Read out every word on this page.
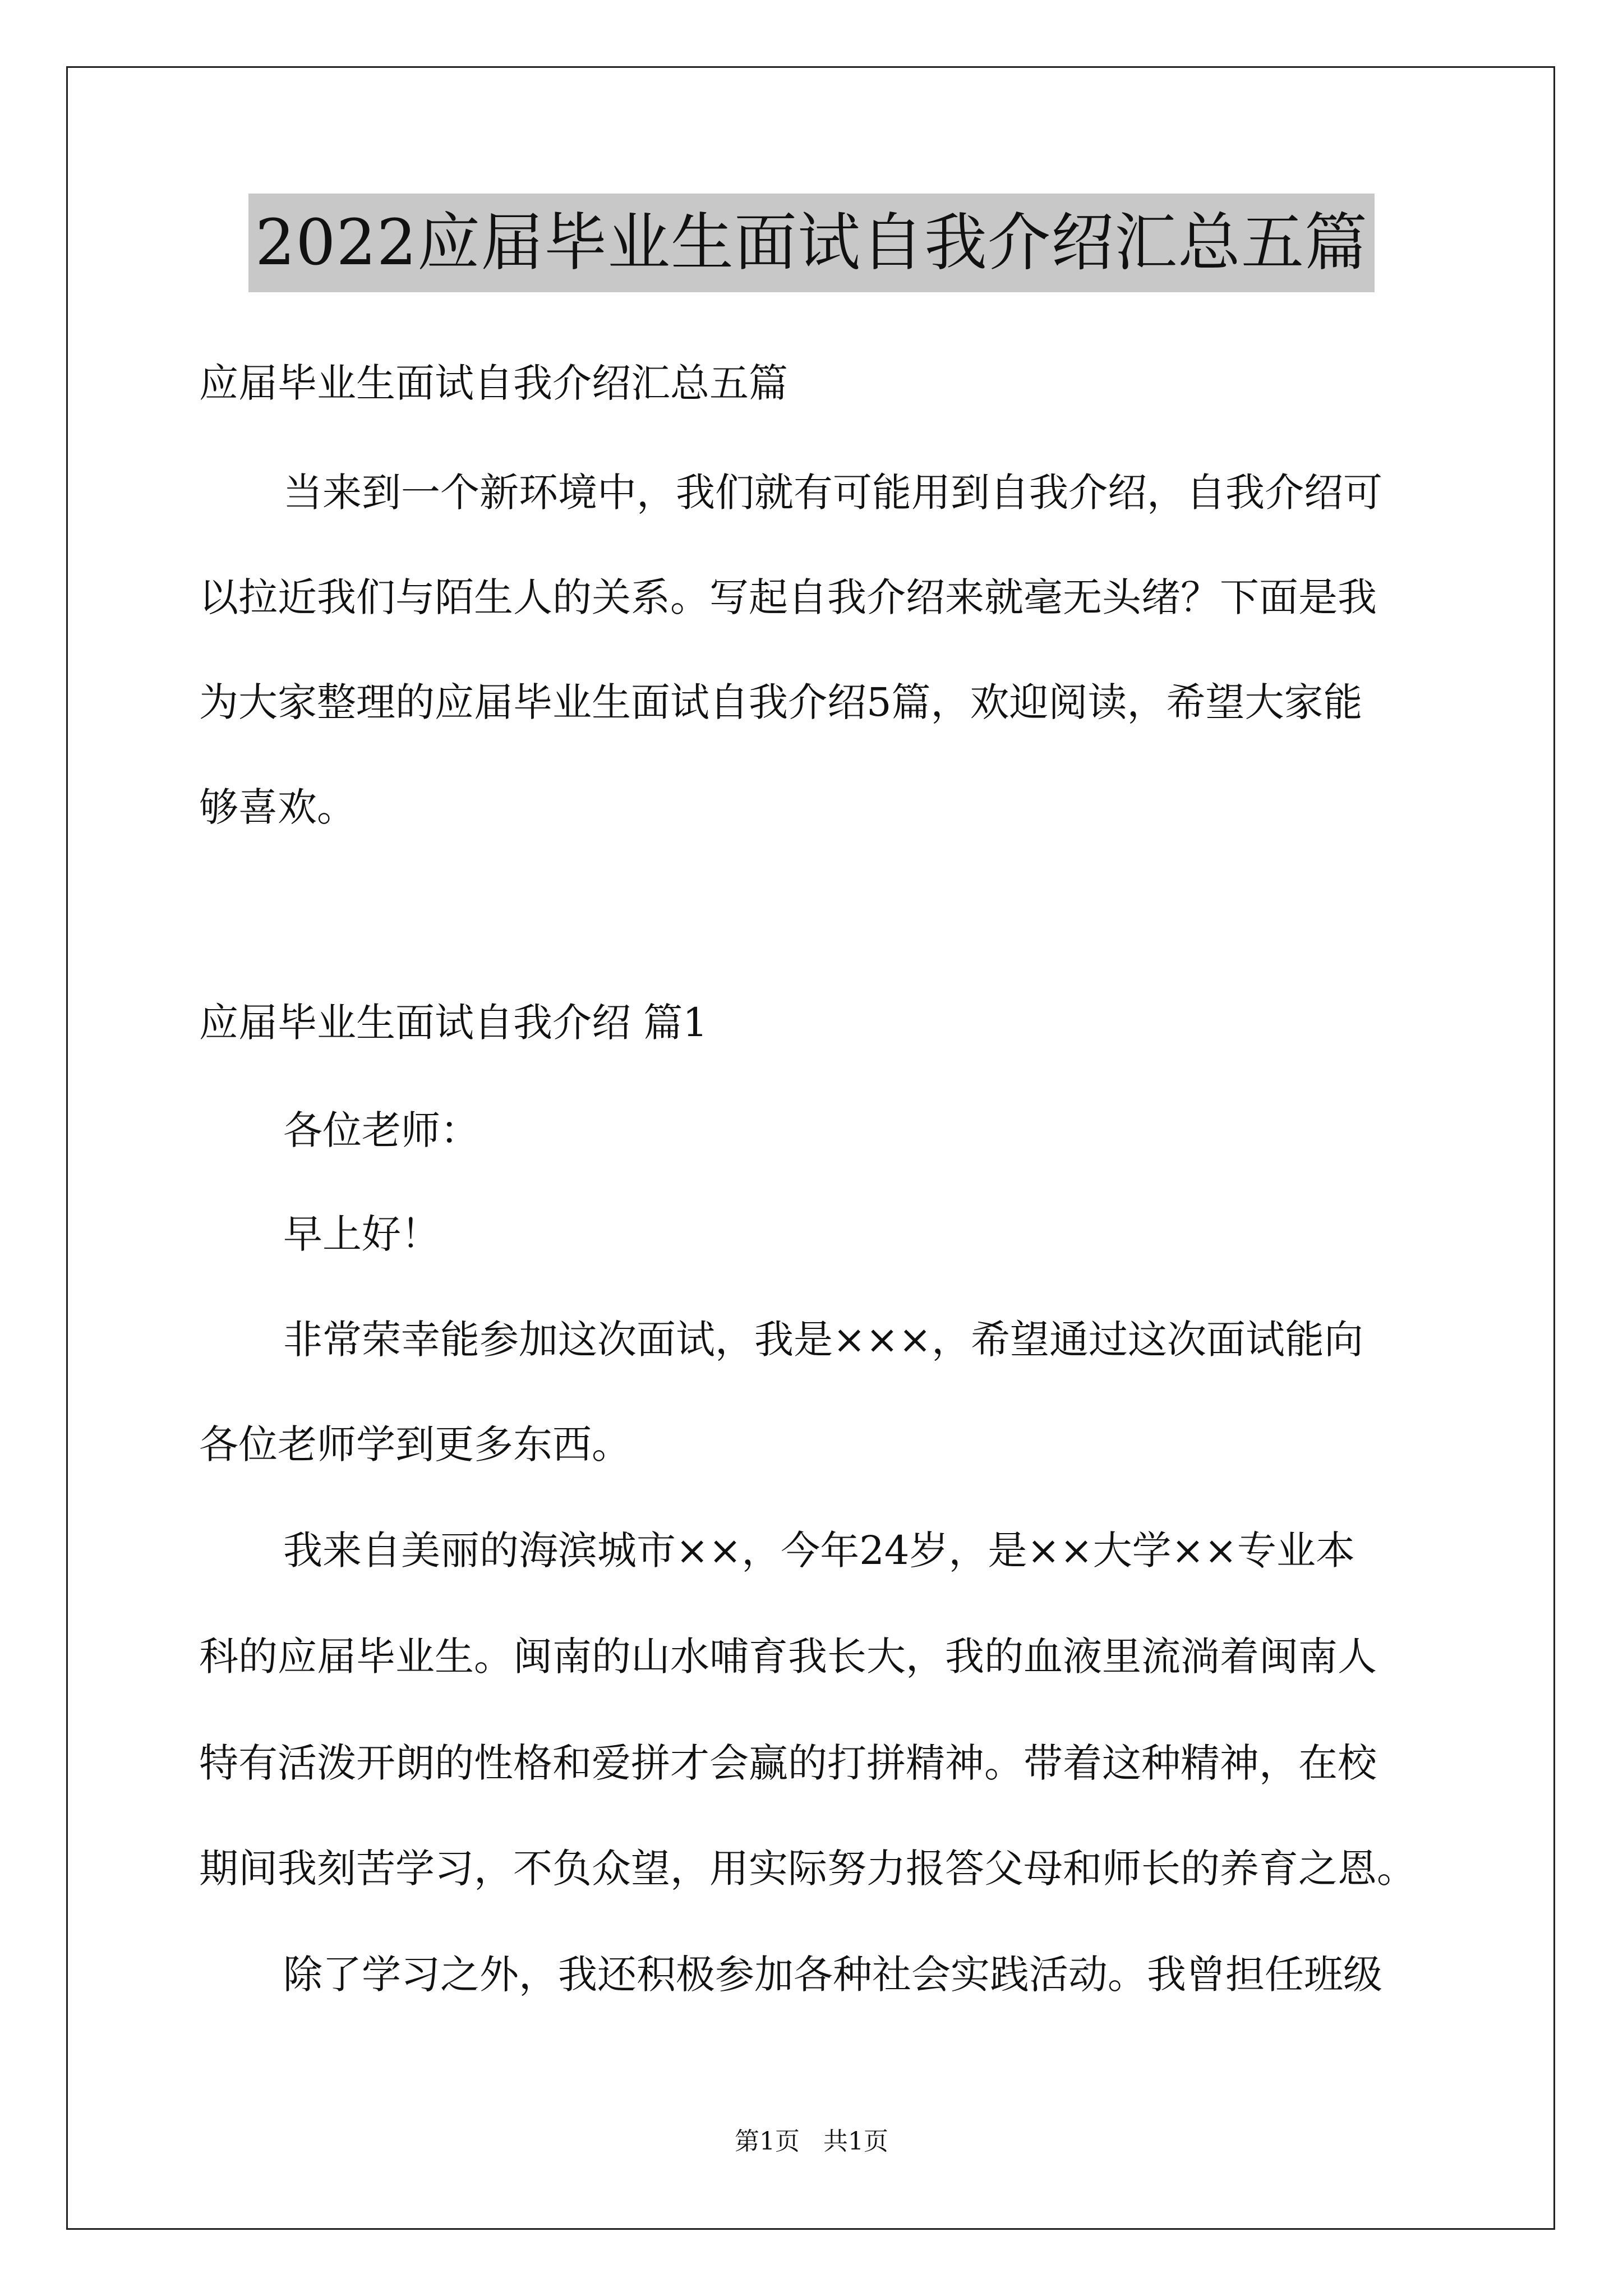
2022应届毕业生面试自我介绍汇总五篇
应届毕业生面试自我介绍汇总五篇
当来到一个新环境中，我们就有可能用到自我介绍，自我介绍可
以拉近我们与陌生人的关系。写起自我介绍来就毫无头绪？下面是我
为大家整理的应届毕业生面试自我介绍5篇，欢迎阅读，希望大家能
够喜欢。
应届毕业生面试自我介绍 篇1
各位老师：
早上好！
非常荣幸能参加这次面试，我是×××，希望通过这次面试能向
各位老师学到更多东西。
我来自美丽的海滨城市××，今年24岁，是××大学××专业本
科的应届毕业生。闽南的山水哺育我长大，我的血液里流淌着闽南人
特有活泼开朗的性格和爱拼才会赢的打拼精神。带着这种精神，在校
期间我刻苦学习，不负众望，用实际努力报答父母和师长的养育之恩。
除了学习之外，我还积极参加各种社会实践活动。我曾担任班级
第1页 共1页
